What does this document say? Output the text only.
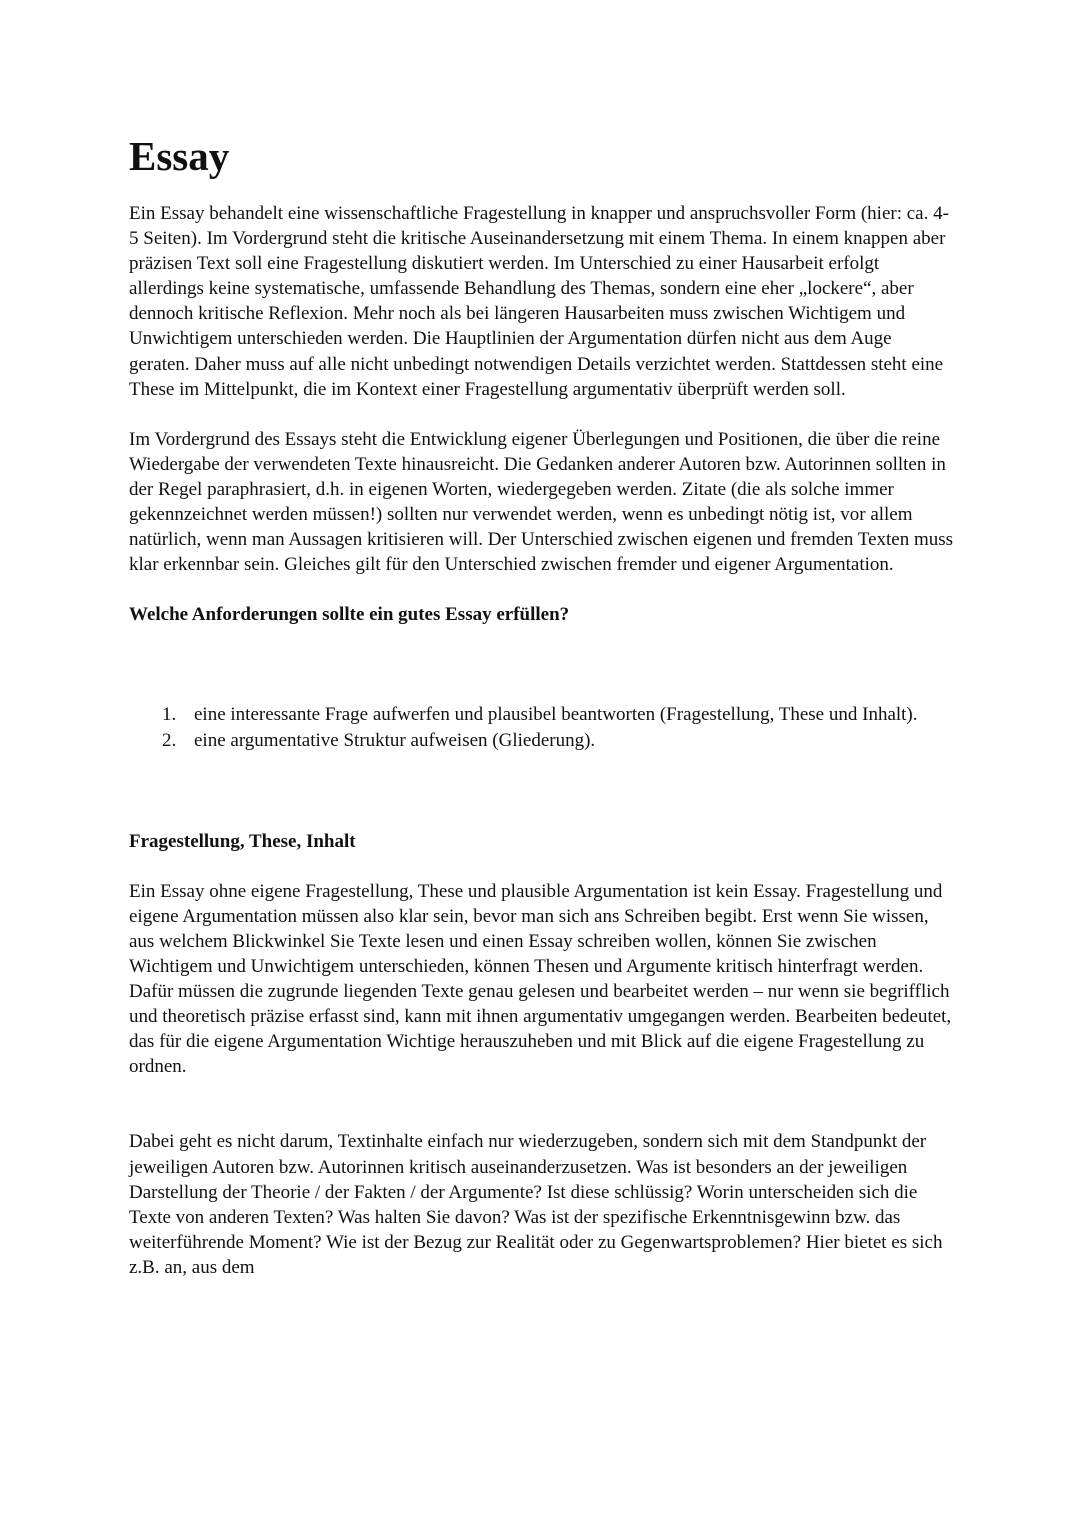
Essay

Ein Essay behandelt eine wissenschaftliche Fragestellung in knapper und anspruchsvoller Form (hier: ca. 4-5 Seiten). Im Vordergrund steht die kritische Auseinandersetzung mit einem Thema. In einem knappen aber präzisen Text soll eine Fragestellung diskutiert werden. Im Unterschied zu einer Hausarbeit erfolgt allerdings keine systematische, umfassende Behandlung des Themas, sondern eine eher „lockere“, aber dennoch kritische Reflexion. Mehr noch als bei längeren Hausarbeiten muss zwischen Wichtigem und Unwichtigem unterschieden werden. Die Hauptlinien der Argumentation dürfen nicht aus dem Auge geraten. Daher muss auf alle nicht unbedingt notwendigen Details verzichtet werden. Stattdessen steht eine These im Mittelpunkt, die im Kontext einer Fragestellung argumentativ überprüft werden soll.

Im Vordergrund des Essays steht die Entwicklung eigener Überlegungen und Positionen, die über die reine Wiedergabe der verwendeten Texte hinausreicht. Die Gedanken anderer Autoren bzw. Autorinnen sollten in der Regel paraphrasiert, d.h. in eigenen Worten, wiedergegeben werden. Zitate (die als solche immer gekennzeichnet werden müssen!) sollten nur verwendet werden, wenn es unbedingt nötig ist, vor allem natürlich, wenn man Aussagen kritisieren will. Der Unterschied zwischen eigenen und fremden Texten muss klar erkennbar sein. Gleiches gilt für den Unterschied zwischen fremder und eigener Argumentation.

Welche Anforderungen sollte ein gutes Essay erfüllen?

1. eine interessante Frage aufwerfen und plausibel beantworten (Fragestellung, These und Inhalt).
2. eine argumentative Struktur aufweisen (Gliederung).

Fragestellung, These, Inhalt

Ein Essay ohne eigene Fragestellung, These und plausible Argumentation ist kein Essay. Fragestellung und eigene Argumentation müssen also klar sein, bevor man sich ans Schreiben begibt. Erst wenn Sie wissen, aus welchem Blickwinkel Sie Texte lesen und einen Essay schreiben wollen, können Sie zwischen Wichtigem und Unwichtigem unterschieden, können Thesen und Argumente kritisch hinterfragt werden. Dafür müssen die zugrunde liegenden Texte genau gelesen und bearbeitet werden – nur wenn sie begrifflich und theoretisch präzise erfasst sind, kann mit ihnen argumentativ umgegangen werden. Bearbeiten bedeutet, das für die eigene Argumentation Wichtige herauszuheben und mit Blick auf die eigene Fragestellung zu ordnen.

Dabei geht es nicht darum, Textinhalte einfach nur wiederzugeben, sondern sich mit dem Standpunkt der jeweiligen Autoren bzw. Autorinnen kritisch auseinanderzusetzen. Was ist besonders an der jeweiligen Darstellung der Theorie / der Fakten / der Argumente? Ist diese schlüssig? Worin unterscheiden sich die Texte von anderen Texten? Was halten Sie davon? Was ist der spezifische Erkenntnisgewinn bzw. das weiterführende Moment? Wie ist der Bezug zur Realität oder zu Gegenwartsproblemen? Hier bietet es sich z.B. an, aus dem
